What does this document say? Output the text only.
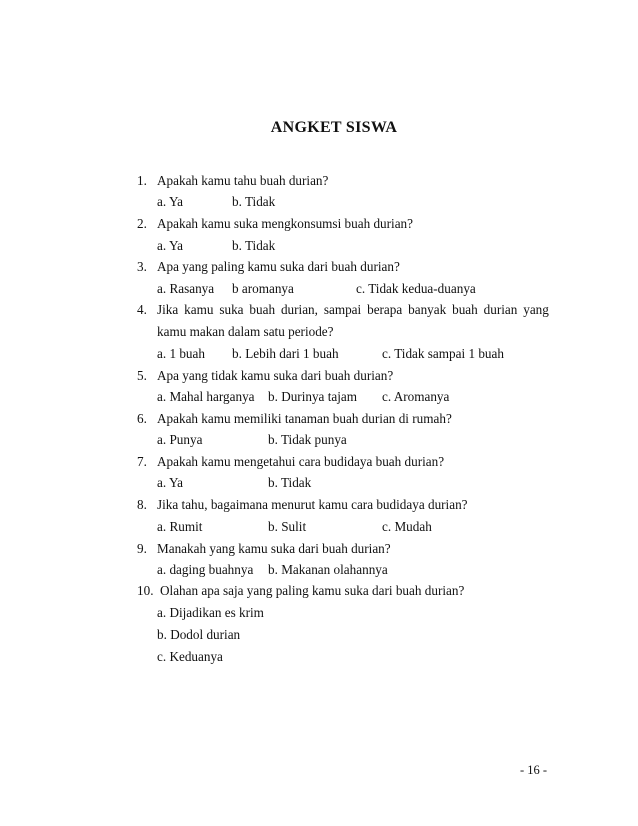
ANGKET SISWA
1. Apakah kamu tahu buah durian?
a. Ya	b. Tidak
2. Apakah kamu suka mengkonsumsi buah durian?
a. Ya	b. Tidak
3. Apa yang paling kamu suka dari buah durian?
a. Rasanya b aromanya	c. Tidak kedua-duanya
4. Jika kamu suka buah durian, sampai berapa banyak buah durian yang
kamu makan dalam satu periode?
a. 1 buah b. Lebih dari 1 buah	c. Tidak sampai 1 buah
5. Apa yang tidak kamu suka dari buah durian?
a. Mahal harganya b. Durinya tajam c. Aromanya
6. Apakah kamu memiliki tanaman buah durian di rumah?
a. Punya	b. Tidak punya
7. Apakah kamu mengetahui cara budidaya buah durian?
a. Ya	b. Tidak
8. Jika tahu, bagaimana menurut kamu cara budidaya durian?
a. Rumit	b. Sulit	c. Mudah
9. Manakah yang kamu suka dari buah durian?
a. daging buahnya b. Makanan olahannya
10. Olahan apa saja yang paling kamu suka dari buah durian?
a. Dijadikan es krim
b. Dodol durian
c. Keduanya
- 16 -
